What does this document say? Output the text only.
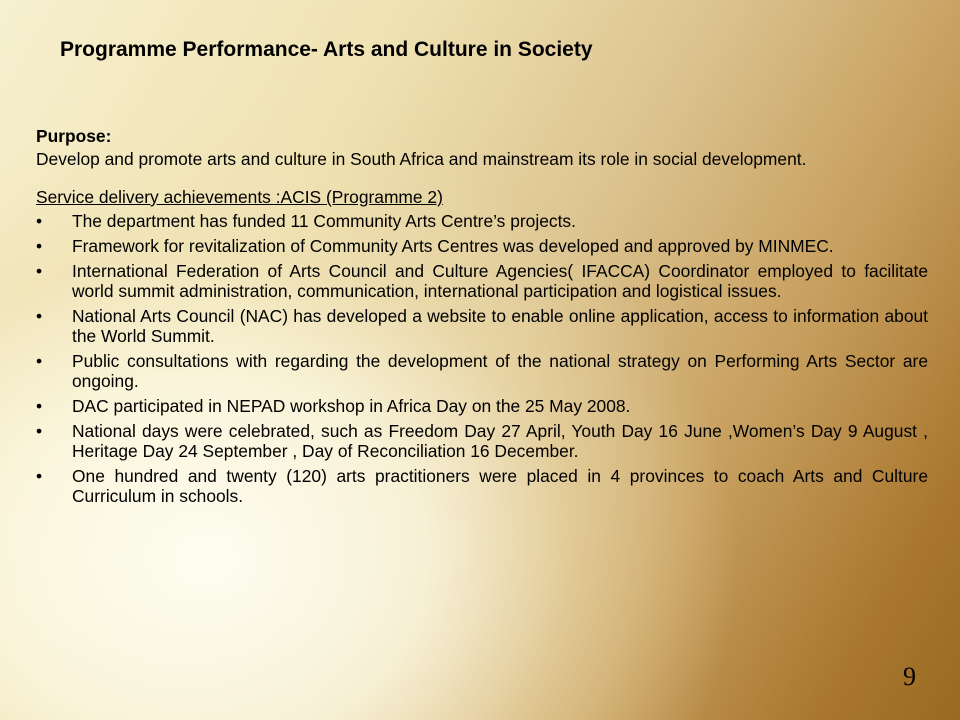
Programme Performance- Arts and Culture in Society

Purpose:

Develop and promote arts and culture in South Africa and mainstream its role in social development.

Service delivery achievements :ACIS (Programme 2)

• The department has funded 11 Community Arts Centre’s projects.
• Framework for revitalization of Community Arts Centres was developed and approved by MINMEC.
• International Federation of Arts Council and Culture Agencies( IFACCA) Coordinator employed to facilitate world summit administration, communication, international participation and logistical issues.
• National Arts Council (NAC) has developed a website to enable online application, access to information about the World Summit.
• Public consultations with regarding the development of the national strategy on Performing Arts Sector are ongoing.
• DAC participated in NEPAD workshop in Africa Day on the 25 May 2008.
• National days were celebrated, such as Freedom Day 27 April, Youth Day 16 June ,Women’s Day 9 August , Heritage Day 24 September , Day of Reconciliation 16 December.
• One hundred and twenty (120) arts practitioners were placed in 4 provinces to coach Arts and Culture Curriculum in schools.
9
